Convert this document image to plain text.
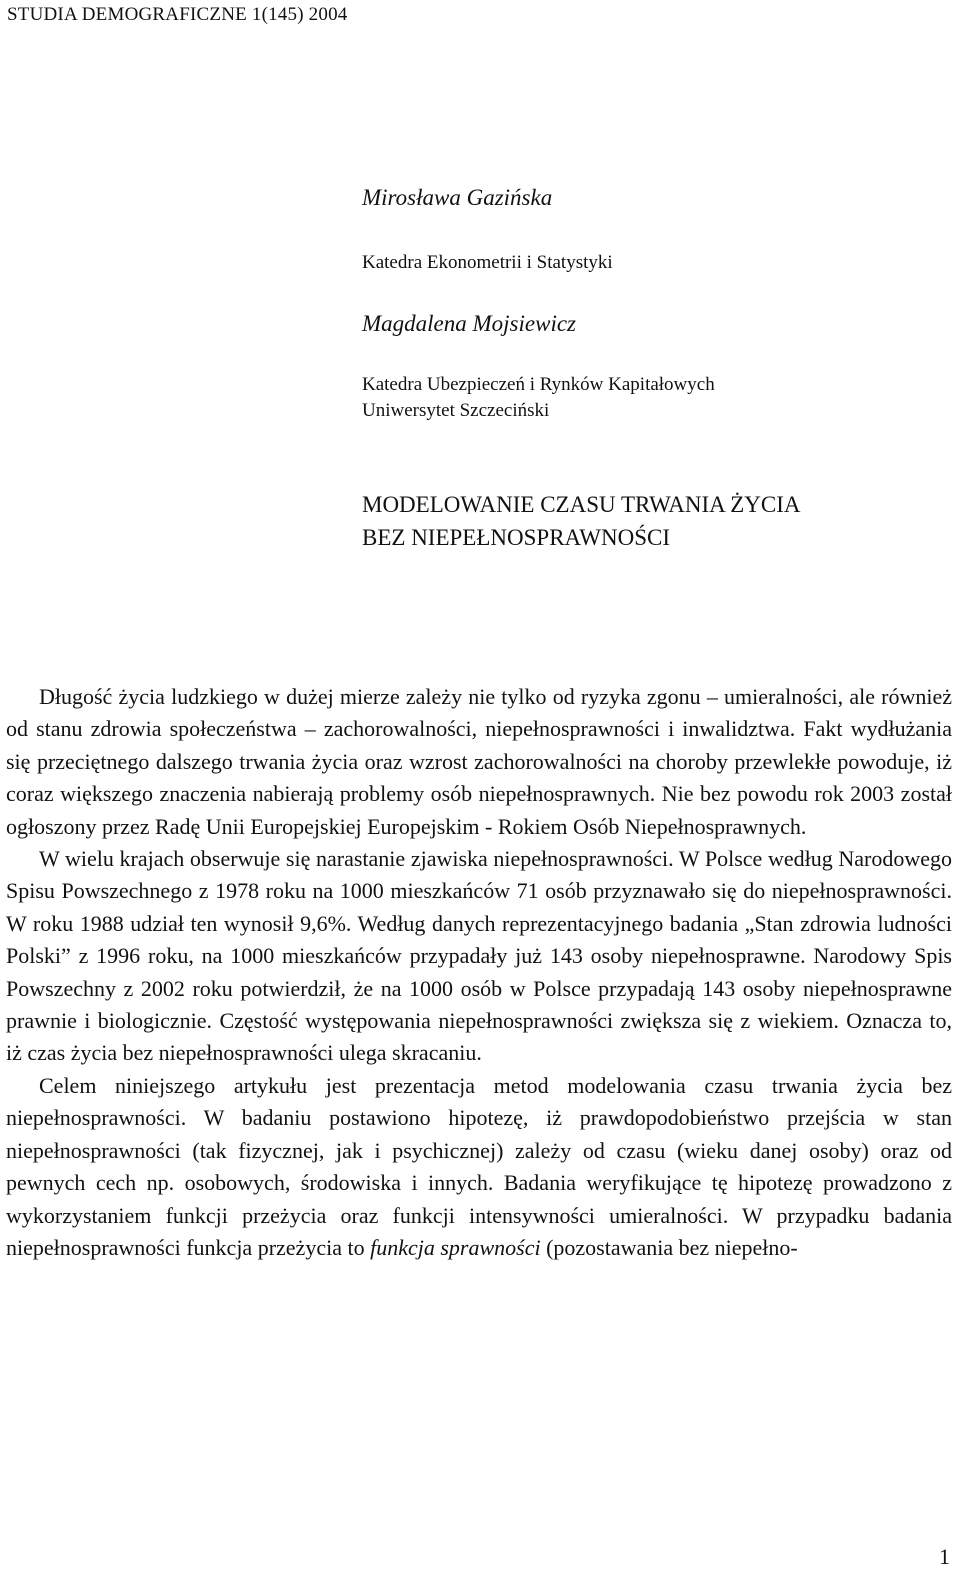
STUDIA DEMOGRAFICZNE 1(145) 2004
Mirosława Gazińska
Katedra Ekonometrii i Statystyki
Magdalena Mojsiewicz
Katedra Ubezpieczeń i Rynków Kapitałowych
Uniwersytet Szczeciński
MODELOWANIE CZASU TRWANIA ŻYCIA
BEZ NIEPEŁNOSPRAWNOŚCI

Długość życia ludzkiego w dużej mierze zależy nie tylko od ryzyka zgonu – umieralności, ale również od stanu zdrowia społeczeństwa – zachorowalności, niepełnosprawności i inwalidztwa. Fakt wydłużania się przeciętnego dalszego trwania życia oraz wzrost zachorowalności na choroby przewlekłe powoduje, iż coraz większego znaczenia nabierają problemy osób niepełnosprawnych. Nie bez powodu rok 2003 został ogłoszony przez Radę Unii Europejskiej Europejskim - Rokiem Osób Niepełnosprawnych.

W wielu krajach obserwuje się narastanie zjawiska niepełnosprawności. W Polsce według Narodowego Spisu Powszechnego z 1978 roku na 1000 mieszkańców 71 osób przyznawało się do niepełnosprawności. W roku 1988 udział ten wynosił 9,6%. Według danych reprezentacyjnego badania „Stan zdrowia ludności Polski” z 1996 roku, na 1000 mieszkańców przypadały już 143 osoby niepełnosprawne. Narodowy Spis Powszechny z 2002 roku potwierdził, że na 1000 osób w Polsce przypadają 143 osoby niepełnosprawne prawnie i biologicznie. Częstość występowania niepełnosprawności zwiększa się z wiekiem. Oznacza to, iż czas życia bez niepełnosprawności ulega skracaniu.

Celem niniejszego artykułu jest prezentacja metod modelowania czasu trwania życia bez niepełnosprawności. W badaniu postawiono hipotezę, iż prawdopodobieństwo przejścia w stan niepełnosprawności (tak fizycznej, jak i psychicznej) zależy od czasu (wieku danej osoby) oraz od pewnych cech np. osobowych, środowiska i innych. Badania weryfikujące tę hipotezę prowadzono z wykorzystaniem funkcji przeżycia oraz funkcji intensywności umieralności. W przypadku badania niepełnosprawności funkcja przeżycia to funkcja sprawności (pozostawania bez niepełno-

1
